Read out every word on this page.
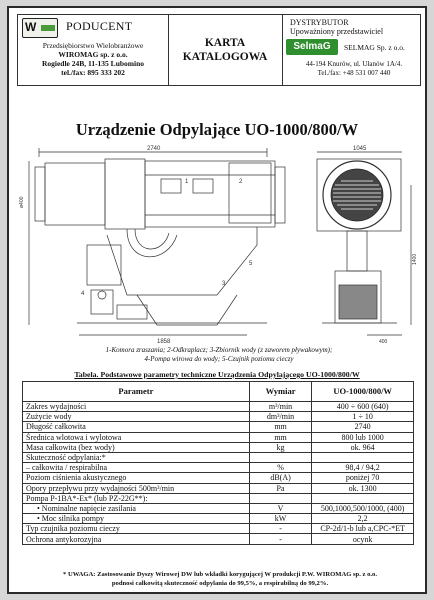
W PODUCENT
Przedsiębiorstwo Wielobranżowe
WIROMAG sp. z o.o.
Rogiedle 24B, 11-135 Lubomino
tel./fax: 895 333 202
KARTA
KATALOGOWA
DYSTRYBUTOR
Upoważniony przedstawiciel
SelmaG	SELMAG Sp. z o.o.
44-194 Knurów, ul. Ułanów 1A/4.
Tel./fax: +48 531 007 440
Urządzenie Odpylające UO-1000/800/W
2740	1045
ø400
1400
1858	400
1	2
3
4
5
1-Komora zraszania; 2-Odkraplacz; 3-Zbiornik wody (z zaworem pływakowym);
4-Pompa wirowa do wody; 5-Czujnik poziomu cieczy
Tabela. Podstawowe parametry techniczne Urządzenia Odpylającego UO-1000/800/W
Parametr	Wymiar	UO-1000/800/W
Zakres wydajności	m³/min	400 ÷ 600 (640)
Zużycie wody	dm³/min	1 ÷ 10
Długość całkowita	mm	2740
Średnica wlotowa i wylotowa	mm	800 lub 1000
Masa całkowita (bez wody)	kg	ok. 964
Skuteczność odpylania:*		
– całkowita / respirabilna	%	98,4 / 94,2
Poziom ciśnienia akustycznego	dB(A)	poniżej 70
Opory przepływu przy wydajności 500m³/min	Pa	ok. 1300
Pompa P-1BA*-Ex* (lub PZ-22G**):		
• Nominalne napięcie zasilania	V	500,1000,500/1000, (400)
• Moc silnika pompy	kW	2,2
Typ czujnika poziomu cieczy	-	CP-2d/1-b lub a,CPC-*ET
Ochrona antykorozyjna	-	ocynk
* UWAGA: Zastosowanie Dyszy Wirowej DW lub wkładki korygującej W produkcji P.W. WIROMAG sp. z o.o.
podnosi całkowitą skuteczność odpylania do 99,5%, a respirabilną do 99,2%.
